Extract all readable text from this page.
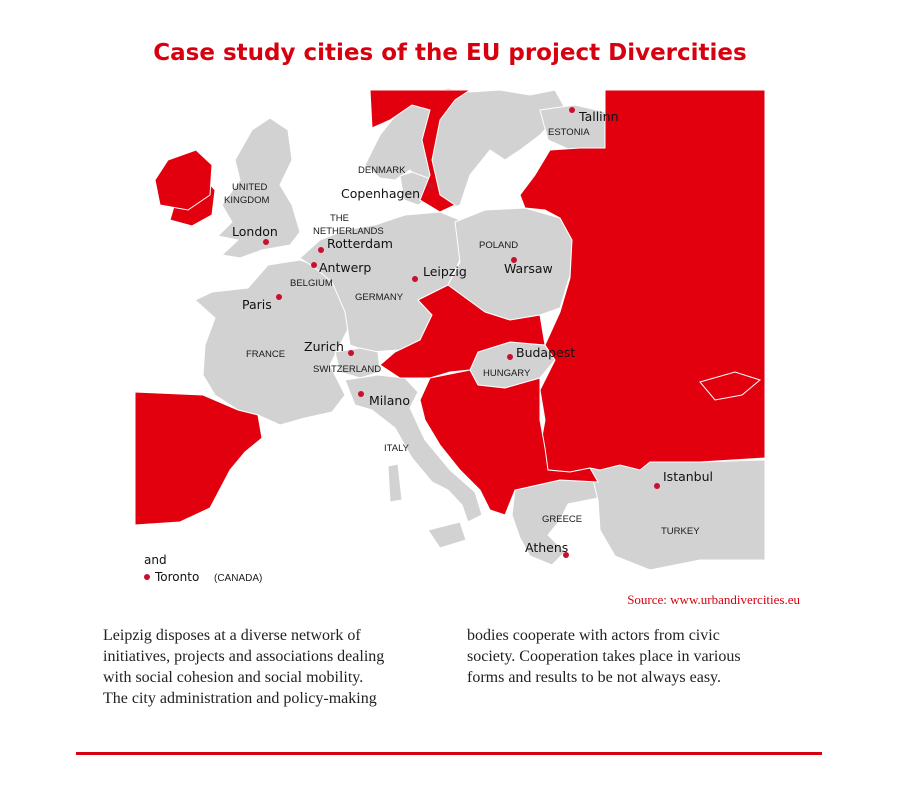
Case study cities of the EU project Divercities
UNITED
KINGDOM
DENMARK
THE
NETHERLANDS
BELGIUM
GERMANY
POLAND
ESTONIA
FRANCE
SWITZERLAND
ITALY
HUNGARY
GREECE
TURKEY
Tallinn
Copenhagen
London
Rotterdam
Antwerp	Leipzig	Warsaw
Paris
Zurich	Budapest
Milano
Istanbul
Athens
and
Toronto (CANADA)
Source: www.urbandivercities.eu
Leipzig disposes at a diverse network of
initiatives, projects and associations dealing
with social cohesion and social mobility.
The city administration and policy-making
bodies cooperate with actors from civic
society. Cooperation takes place in various
forms and results to be not always easy.
